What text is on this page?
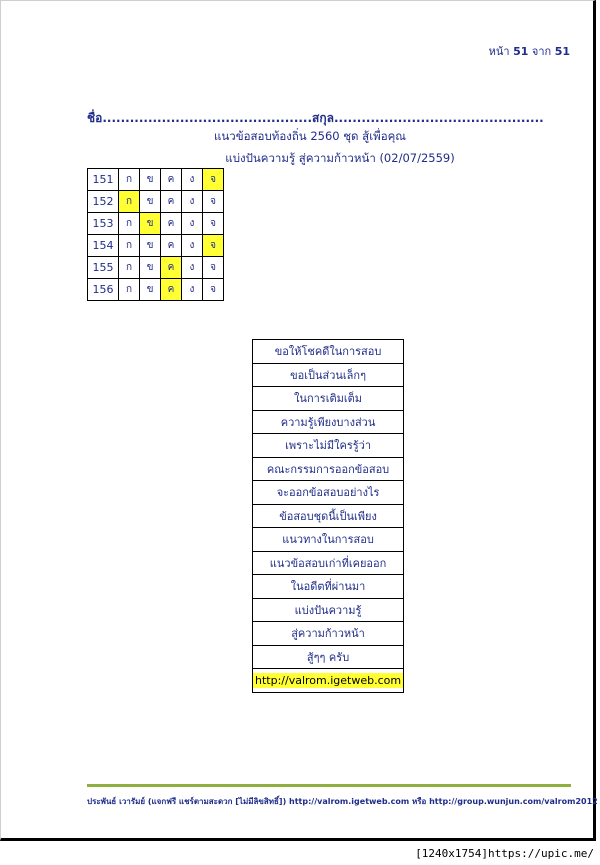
หน้า 51 จาก 51
ชื่อ..............................................สกุล..............................................
แนวข้อสอบท้องถิ่น 2560 ชุด สู้เพื่อคุณ
แบ่งปันความรู้ สู่ความก้าวหน้า (02/07/2559)
151	ก	ข	ค	ง	จ
152	ก	ข	ค	ง	จ
153	ก	ข	ค	ง	จ
154	ก	ข	ค	ง	จ
155	ก	ข	ค	ง	จ
156	ก	ข	ค	ง	จ
ขอให้โชคดีในการสอบ
ขอเป็นส่วนเล็กๆ
ในการเติมเต็ม
ความรู้เพียงบางส่วน
เพราะไม่มีใครรู้ว่า
คณะกรรมการออกข้อสอบ
จะออกข้อสอบอย่างไร
ข้อสอบชุดนี้เป็นเพียง
แนวทางในการสอบ
แนวข้อสอบเก่าที่เคยออก
ในอดีตที่ผ่านมา
แบ่งปันความรู้
สู่ความก้าวหน้า
สู้ๆๆ ครับ
http://valrom.igetweb.com
ประพันธ์ เวารัมย์ (แจกฟรี แชร์ตามสะดวก [ไม่มีลิขสิทธิ์]) http://valrom.igetweb.com หรือ http://group.wunjun.com/valrom2012
[1240x1754]https://upic.me/
